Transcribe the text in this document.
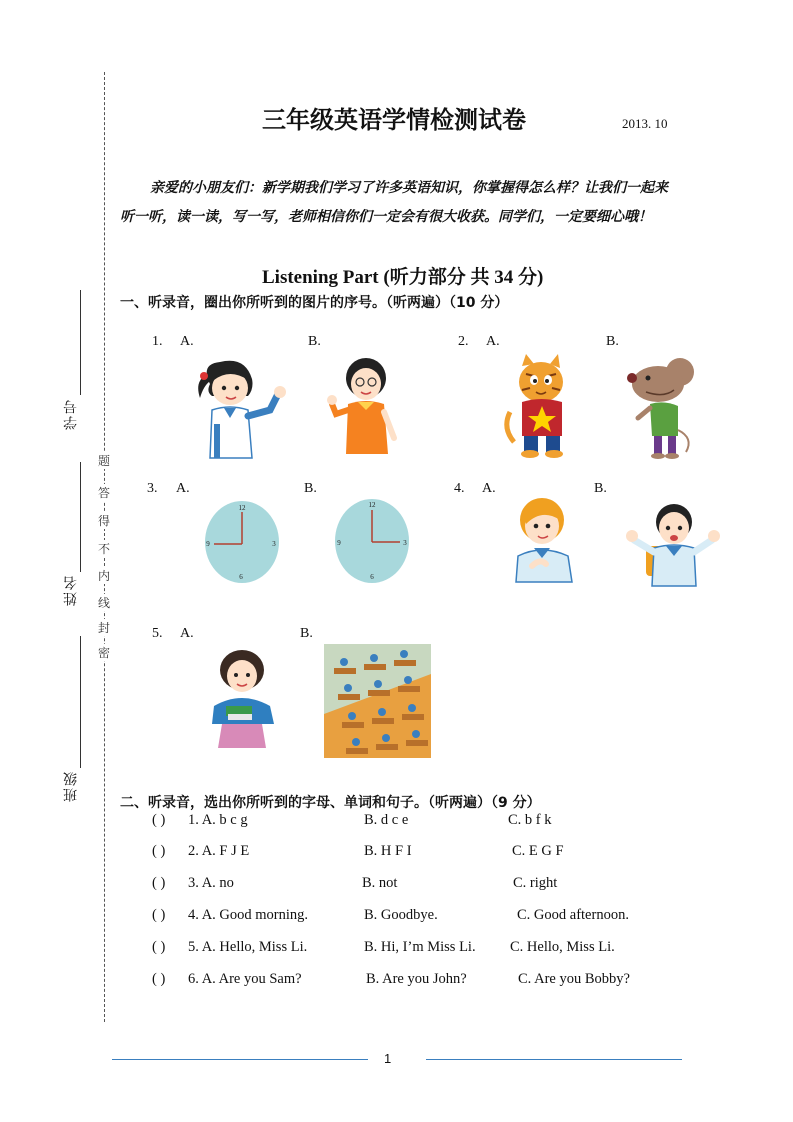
学号
姓名
班级
密
封
线
内
不
得
答
题
三年级英语学情检测试卷	2013. 10
亲爱的小朋友们：新学期我们学习了许多英语知识，你掌握得怎么样？让我们一起来听一听，读一读，写一写，老师相信你们一定会有很大收获。同学们，一定要细心哦！
Listening Part (听力部分 共 34 分)
一、听录音，圈出你所听到的图片的序号。（听两遍）（10 分）
1. A.	B.	2. A.	B.
3. A.	B.	4. A.	B.
5. A.	B.
12
3
6
9
12
3
6
9
二、听录音，选出你所听到的字母、单词和句子。（听两遍）（9 分）
( ) 1. A. b c g	B. d c e	C. b f k
( ) 2. A. F J E	B. H F I	C. E G F
( ) 3. A. no	B. not	C. right
( ) 4. A. Good morning.	B. Goodbye.	C. Good afternoon.
( ) 5. A. Hello, Miss Li.	B. Hi, I’m Miss Li. C. Hello, Miss Li.
( ) 6. A. Are you Sam?	B. Are you John?	C. Are you Bobby?
1
